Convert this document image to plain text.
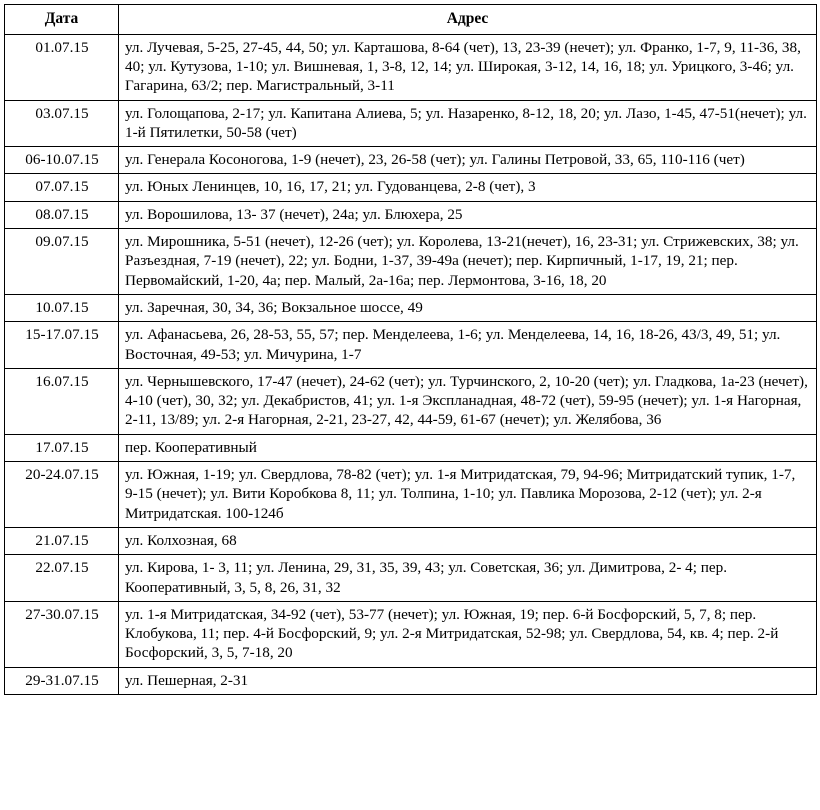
Дата	Адрес
01.07.15	ул. Лучевая, 5-25, 27-45, 44, 50; ул. Карташова, 8-64 (чет), 13, 23-39 (нечет); ул. Франко, 1-7, 9, 11-36, 38, 40; ул. Кутузова, 1-10; ул. Вишневая, 1, 3-8, 12, 14; ул. Широкая, 3-12, 14, 16, 18; ул. Урицкого, 3-46; ул. Гагарина, 63/2; пер. Магистральный, 3-11
03.07.15	ул. Голощапова, 2-17; ул. Капитана Алиева, 5; ул. Назаренко, 8-12, 18, 20; ул. Лазо, 1-45, 47-51(нечет); ул. 1-й Пятилетки, 50-58 (чет)
06-10.07.15	ул. Генерала Косоногова, 1-9 (нечет), 23, 26-58 (чет); ул. Галины Петровой, 33, 65, 110-116 (чет)
07.07.15	ул. Юных Ленинцев, 10, 16, 17, 21; ул. Гудованцева, 2-8 (чет), 3
08.07.15	ул. Ворошилова, 13- 37 (нечет), 24а; ул. Блюхера, 25
09.07.15	ул. Мирошника, 5-51 (нечет), 12-26 (чет); ул. Королева, 13-21(нечет), 16, 23-31; ул. Стрижевских, 38; ул. Разъездная, 7-19 (нечет), 22; ул. Бодни, 1-37, 39-49а (нечет); пер. Кирпичный, 1-17, 19, 21; пер. Первомайский, 1-20, 4а; пер. Малый, 2а-16а; пер. Лермонтова, 3-16, 18, 20
10.07.15	ул. Заречная, 30, 34, 36; Вокзальное шоссе, 49
15-17.07.15	ул. Афанасьева, 26, 28-53, 55, 57; пер. Менделеева, 1-6; ул. Менделеева, 14, 16, 18-26, 43/3, 49, 51; ул. Восточная, 49-53; ул. Мичурина, 1-7
16.07.15	ул. Чернышевского, 17-47 (нечет), 24-62 (чет); ул. Турчинского, 2, 10-20 (чет); ул. Гладкова, 1а-23 (нечет), 4-10 (чет), 30, 32; ул. Декабристов, 41; ул. 1-я Экспланадная, 48-72 (чет), 59-95 (нечет); ул. 1-я Нагорная, 2-11, 13/89; ул. 2-я Нагорная, 2-21, 23-27, 42, 44-59, 61-67 (нечет); ул. Желябова, 36
17.07.15	пер. Кооперативный
20-24.07.15	ул. Южная, 1-19; ул. Свердлова, 78-82 (чет); ул. 1-я Митридатская, 79, 94-96; Митридатский тупик, 1-7, 9-15 (нечет); ул. Вити Коробкова 8, 11; ул. Толпина, 1-10; ул. Павлика Морозова, 2-12 (чет); ул. 2-я Митридатская. 100-124б
21.07.15	ул. Колхозная, 68
22.07.15	ул. Кирова, 1- 3, 11; ул. Ленина, 29, 31, 35, 39, 43; ул. Советская, 36; ул. Димитрова, 2- 4; пер. Кооперативный, 3, 5, 8, 26, 31, 32
27-30.07.15	ул. 1-я Митридатская, 34-92 (чет), 53-77 (нечет); ул. Южная, 19; пер. 6-й Босфорский, 5, 7, 8; пер. Клобукова, 11; пер. 4-й Босфорский, 9; ул. 2-я Митридатская, 52-98; ул. Свердлова, 54, кв. 4; пер. 2-й Босфорский, 3, 5, 7-18, 20
29-31.07.15	ул. Пешерная, 2-31
